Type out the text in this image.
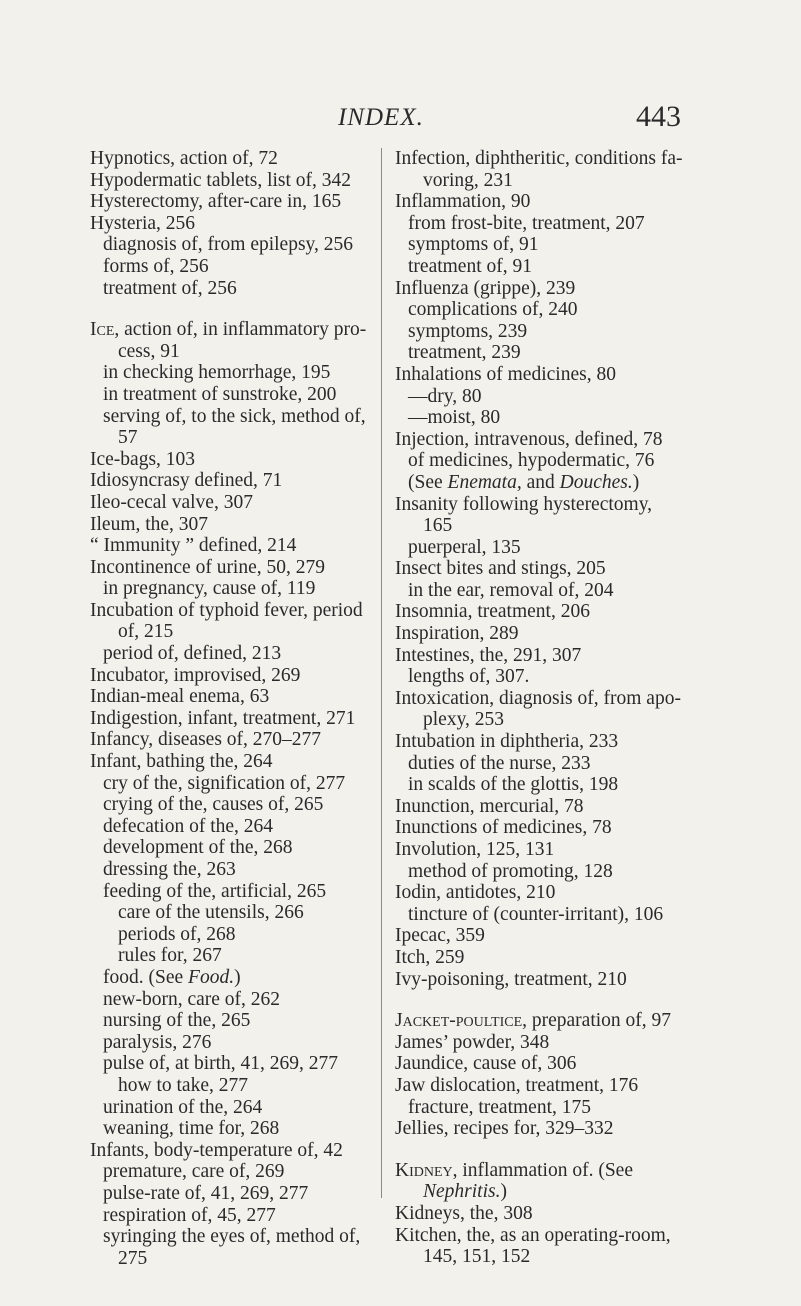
INDEX.	443
Hypnotics, action of, 72
Hypodermatic tablets, list of, 342
Hysterectomy, after-care in, 165
Hysteria, 256
diagnosis of, from epilepsy, 256
forms of, 256
treatment of, 256
Ice, action of, in inflammatory pro-
cess, 91
in checking hemorrhage, 195
in treatment of sunstroke, 200
serving of, to the sick, method of,
57
Ice-bags, 103
Idiosyncrasy defined, 71
Ileo-cecal valve, 307
Ileum, the, 307
“ Immunity ” defined, 214
Incontinence of urine, 50, 279
in pregnancy, cause of, 119
Incubation of typhoid fever, period
of, 215
period of, defined, 213
Incubator, improvised, 269
Indian-meal enema, 63
Indigestion, infant, treatment, 271
Infancy, diseases of, 270–277
Infant, bathing the, 264
cry of the, signification of, 277
crying of the, causes of, 265
defecation of the, 264
development of the, 268
dressing the, 263
feeding of the, artificial, 265
care of the utensils, 266
periods of, 268
rules for, 267
food. (See Food.)
new-born, care of, 262
nursing of the, 265
paralysis, 276
pulse of, at birth, 41, 269, 277
how to take, 277
urination of the, 264
weaning, time for, 268
Infants, body-temperature of, 42
premature, care of, 269
pulse-rate of, 41, 269, 277
respiration of, 45, 277
syringing the eyes of, method of,
275
Infection, diphtheritic, conditions fa-
voring, 231
Inflammation, 90
from frost-bite, treatment, 207
symptoms of, 91
treatment of, 91
Influenza (grippe), 239
complications of, 240
symptoms, 239
treatment, 239
Inhalations of medicines, 80
—dry, 80
—moist, 80
Injection, intravenous, defined, 78
of medicines, hypodermatic, 76
(See Enemata, and Douches.)
Insanity following hysterectomy,
165
puerperal, 135
Insect bites and stings, 205
in the ear, removal of, 204
Insomnia, treatment, 206
Inspiration, 289
Intestines, the, 291, 307
lengths of, 307.
Intoxication, diagnosis of, from apo-
plexy, 253
Intubation in diphtheria, 233
duties of the nurse, 233
in scalds of the glottis, 198
Inunction, mercurial, 78
Inunctions of medicines, 78
Involution, 125, 131
method of promoting, 128
Iodin, antidotes, 210
tincture of (counter-irritant), 106
Ipecac, 359
Itch, 259
Ivy-poisoning, treatment, 210
Jacket-poultice, preparation of, 97
James’ powder, 348
Jaundice, cause of, 306
Jaw dislocation, treatment, 176
fracture, treatment, 175
Jellies, recipes for, 329–332
Kidney, inflammation of. (See
Nephritis.)
Kidneys, the, 308
Kitchen, the, as an operating-room,
145, 151, 152
